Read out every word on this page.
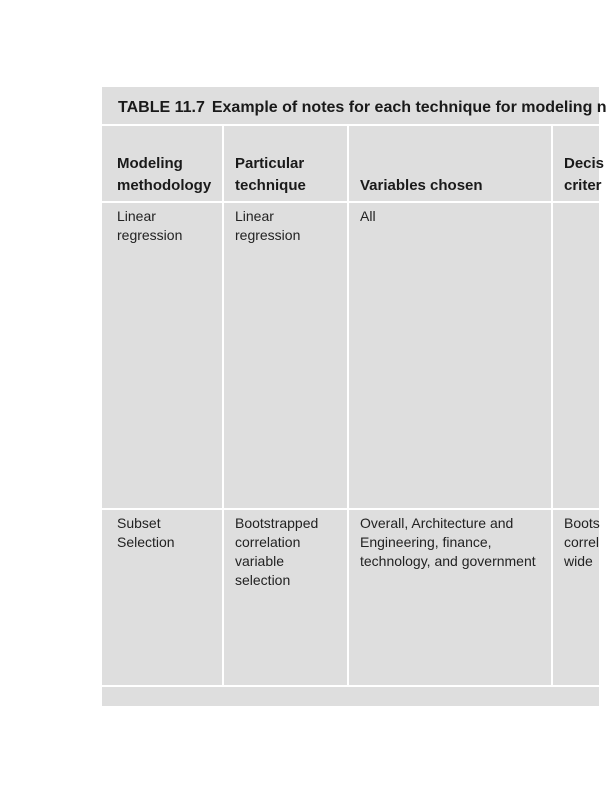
TABLE 11.7 Example of notes for each technique for modeling n
Modeling
methodology
Particular
technique	Variables chosen
Decis
criter
Linear
regression
Linear
regression
All
Subset
Selection
Bootstrapped
correlation
variable
selection
Overall, Architecture and
Engineering, finance,
technology, and government
Boots
correl
wide
